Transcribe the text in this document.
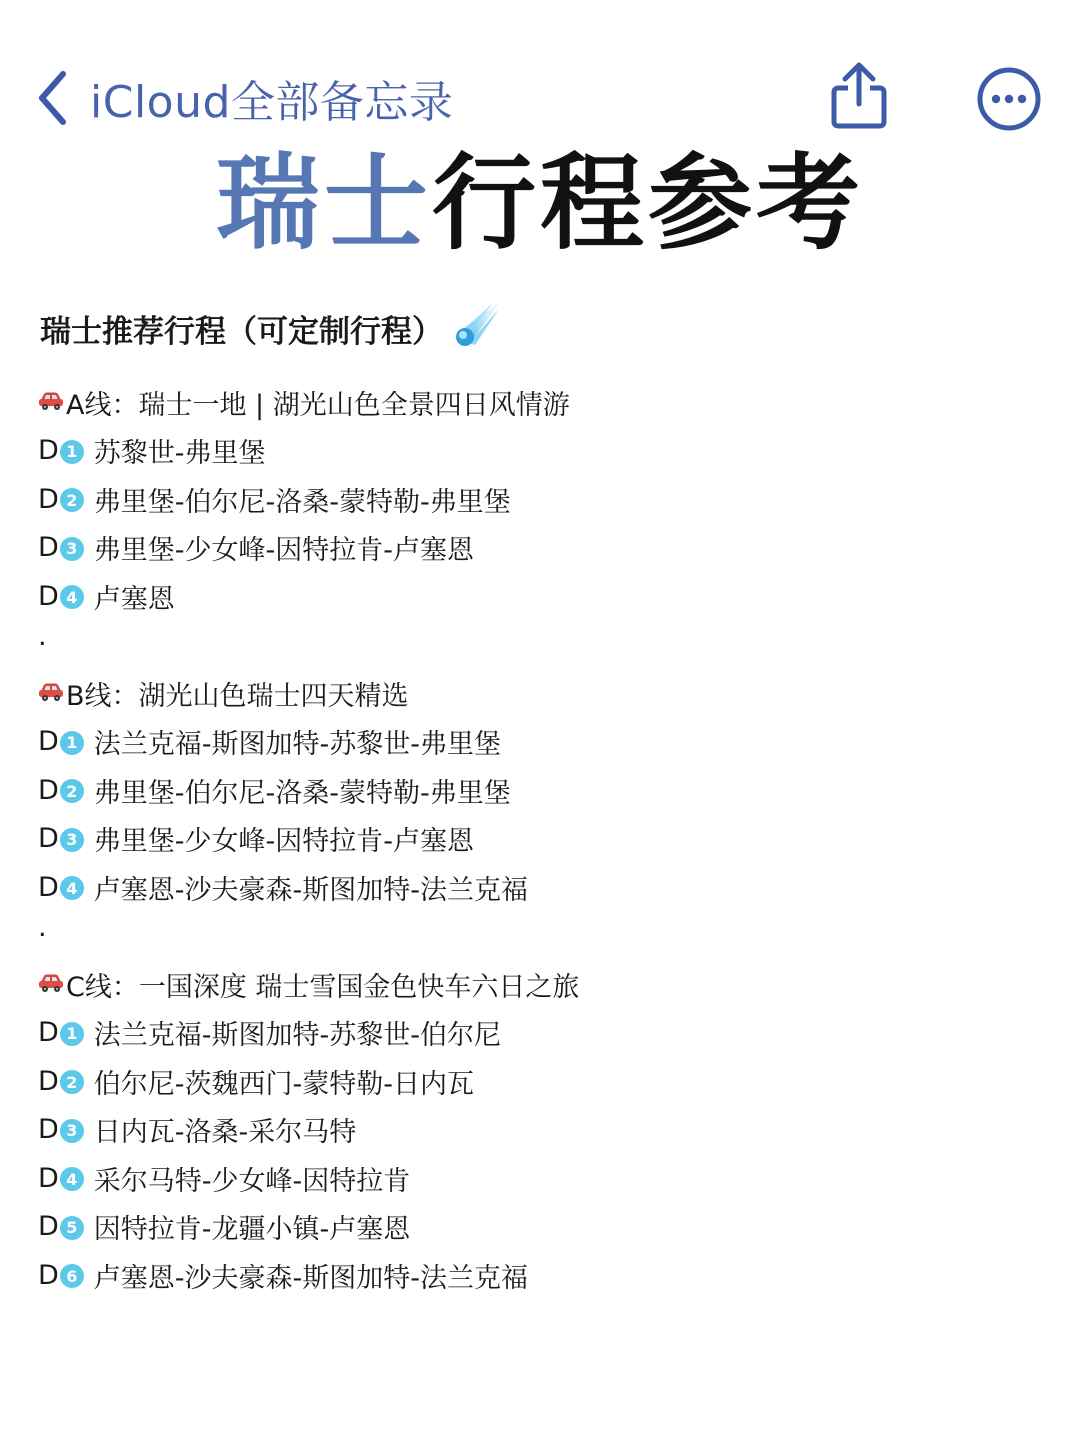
iCloud全部备忘录
瑞士行程参考
瑞士推荐行程（可定制行程）
A线：瑞士一地 | 湖光山色全景四日风情游
D 1 苏黎世-弗里堡
D 2 弗里堡-伯尔尼-洛桑-蒙特勒-弗里堡
D 3 弗里堡-少女峰-因特拉肯-卢塞恩
D 4 卢塞恩
.
B线：湖光山色瑞士四天精选
D 1 法兰克福-斯图加特-苏黎世-弗里堡
D 2 弗里堡-伯尔尼-洛桑-蒙特勒-弗里堡
D 3 弗里堡-少女峰-因特拉肯-卢塞恩
D 4 卢塞恩-沙夫豪森-斯图加特-法兰克福
.
C线：一国深度 瑞士雪国金色快车六日之旅
D 1 法兰克福-斯图加特-苏黎世-伯尔尼
D 2 伯尔尼-茨魏西门-蒙特勒-日内瓦
D 3 日内瓦-洛桑-采尔马特
D 4 采尔马特-少女峰-因特拉肯
D 5 因特拉肯-龙疆小镇-卢塞恩
D 6 卢塞恩-沙夫豪森-斯图加特-法兰克福
